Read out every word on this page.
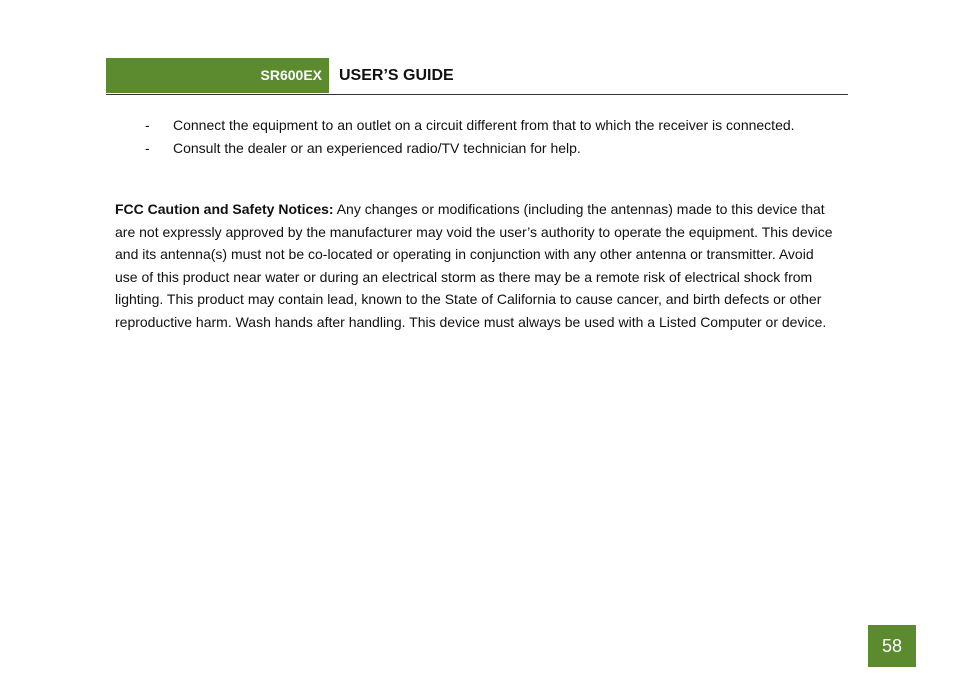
SR600EX	USER’S GUIDE

- Connect the equipment to an outlet on a circuit different from that to which the receiver is connected.

- Consult the dealer or an experienced radio/TV technician for help.

FCC Caution and Safety Notices: Any changes or modifications (including the antennas) made to this device that are not expressly approved by the manufacturer may void the user’s authority to operate the equipment. This device and its antenna(s) must not be co-located or operating in conjunction with any other antenna or transmitter. Avoid use of this product near water or during an electrical storm as there may be a remote risk of electrical shock from lighting. This product may contain lead, known to the State of California to cause cancer, and birth defects or other reproductive harm. Wash hands after handling. This device must always be used with a Listed Computer or device.
58
